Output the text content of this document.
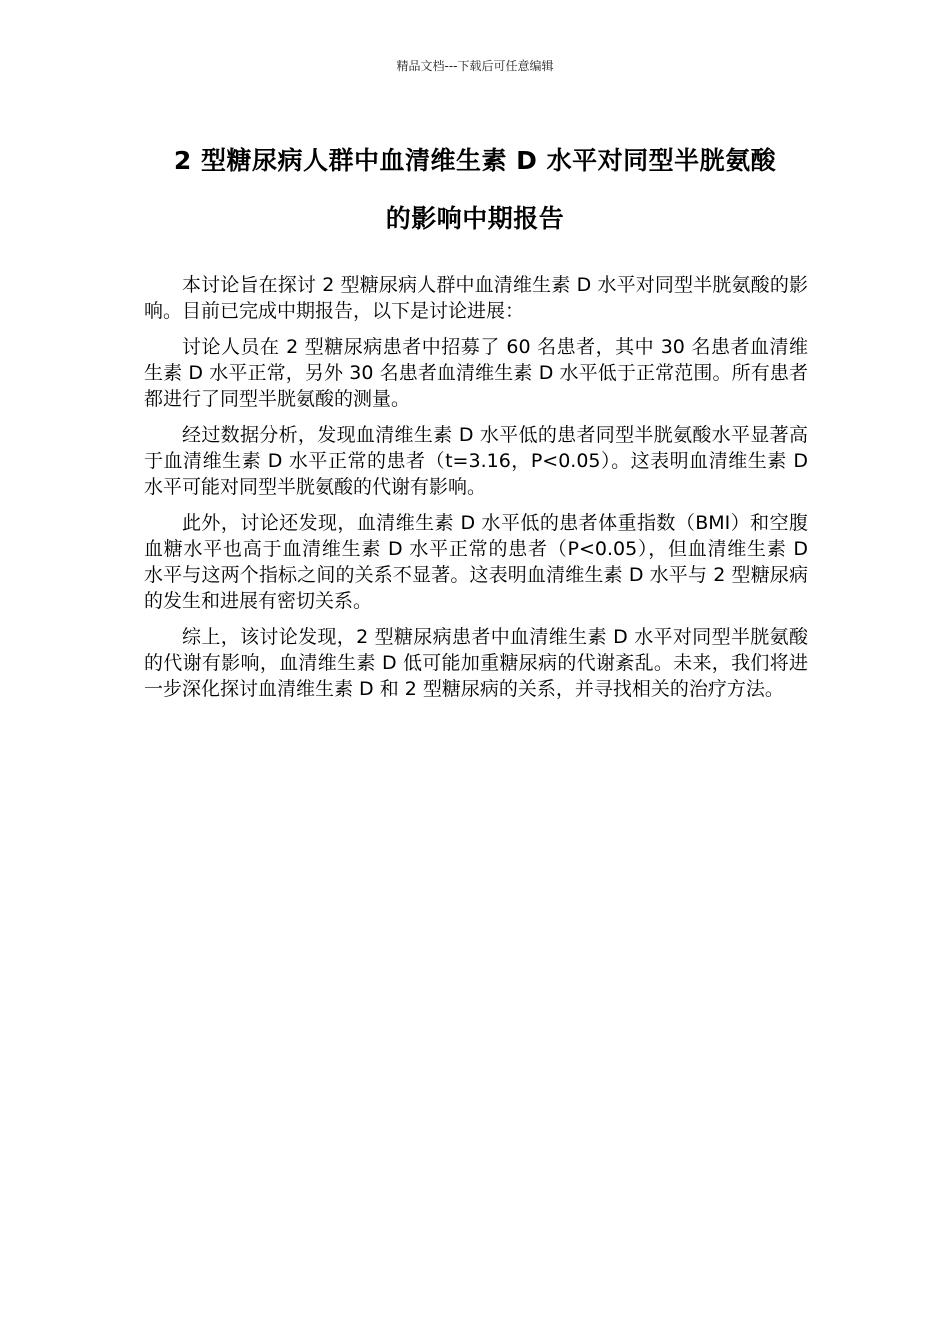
精品文档---下载后可任意编辑
2 型糖尿病人群中血清维生素 D 水平对同型半胱氨酸
的影响中期报告

本讨论旨在探讨 2 型糖尿病人群中血清维生素 D 水平对同型半胱氨酸的影响。目前已完成中期报告，以下是讨论进展：

讨论人员在 2 型糖尿病患者中招募了 60 名患者，其中 30 名患者血清维生素 D 水平正常，另外 30 名患者血清维生素 D 水平低于正常范围。所有患者都进行了同型半胱氨酸的测量。

经过数据分析，发现血清维生素 D 水平低的患者同型半胱氨酸水平显著高于血清维生素 D 水平正常的患者（t=3.16，P<0.05）。这表明血清维生素 D 水平可能对同型半胱氨酸的代谢有影响。

此外，讨论还发现，血清维生素 D 水平低的患者体重指数（BMI）和空腹血糖水平也高于血清维生素 D 水平正常的患者（P<0.05），但血清维生素 D 水平与这两个指标之间的关系不显著。这表明血清维生素 D 水平与 2 型糖尿病的发生和进展有密切关系。

综上，该讨论发现，2 型糖尿病患者中血清维生素 D 水平对同型半胱氨酸的代谢有影响，血清维生素 D 低可能加重糖尿病的代谢紊乱。未来，我们将进一步深化探讨血清维生素 D 和 2 型糖尿病的关系，并寻找相关的治疗方法。
